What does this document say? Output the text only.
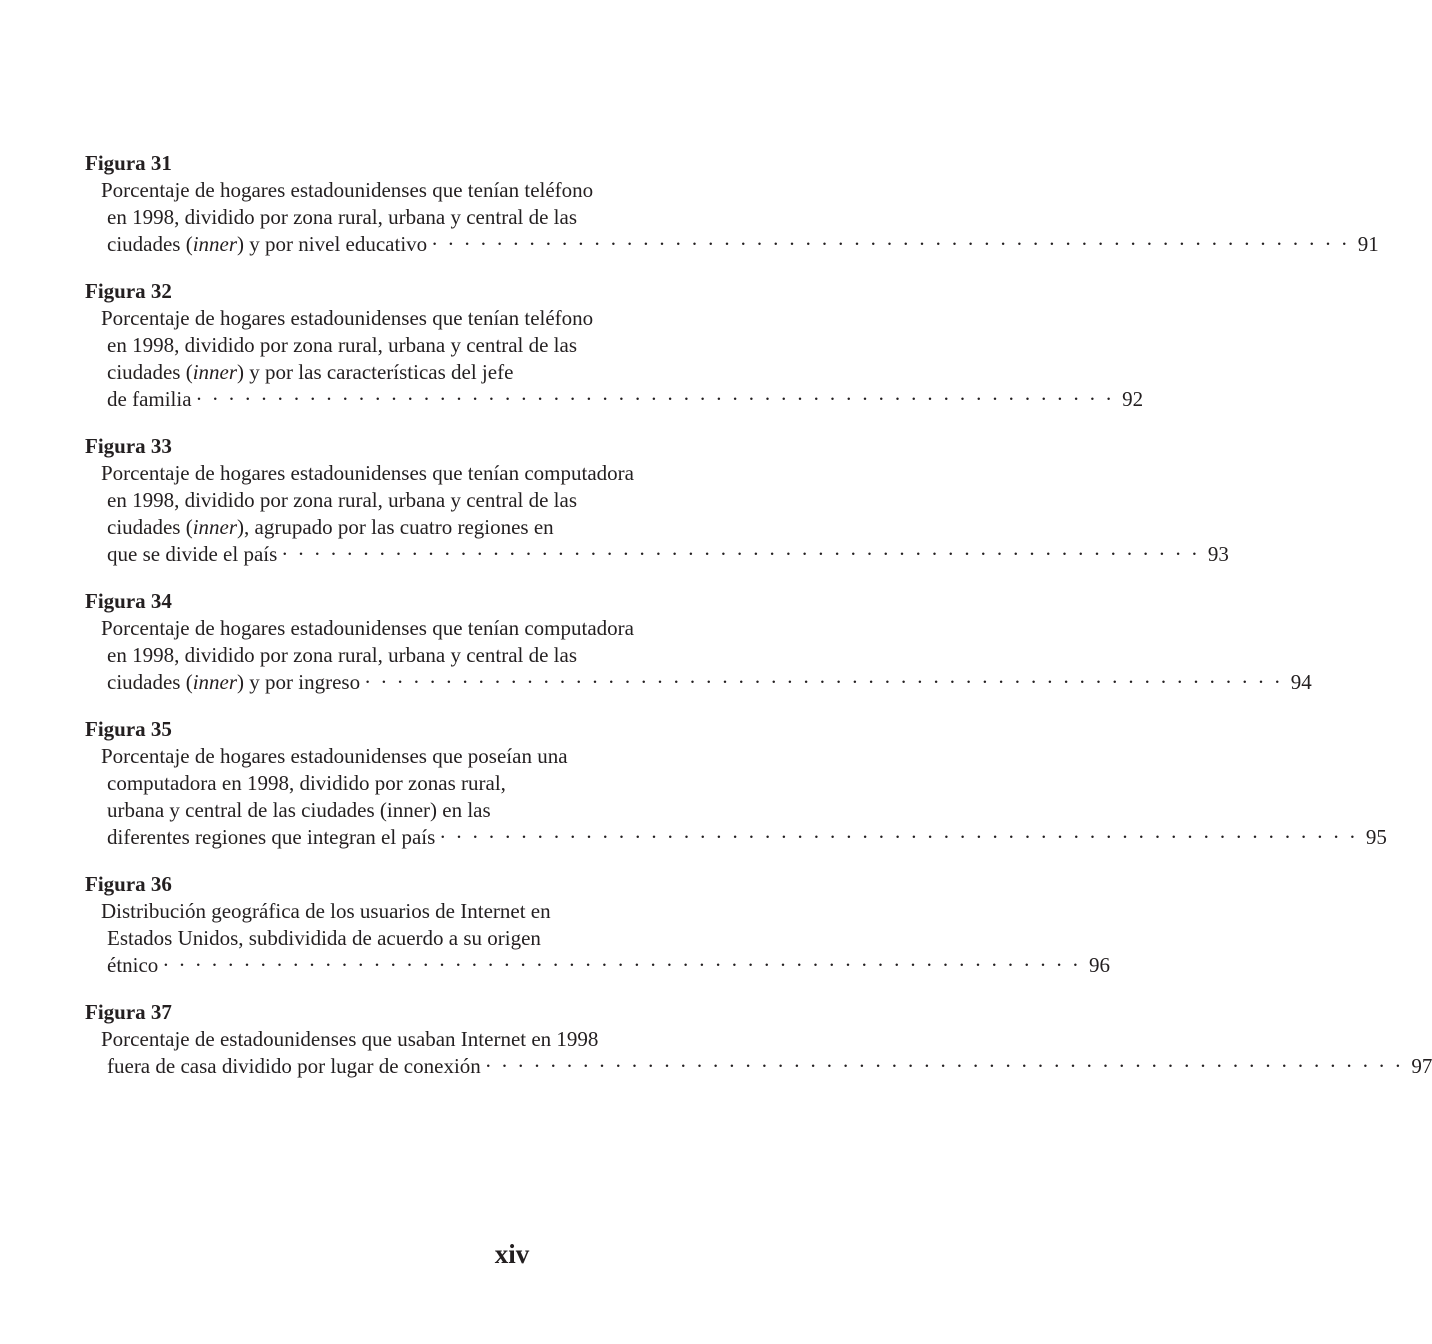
Figura 31
Porcentaje de hogares estadounidenses que tenían teléfono
en 1998, dividido por zona rural, urbana y central de las
ciudades (inner) y por nivel educativo · · · · · · · · · · · · · · · · · · · · · · · · · · · · · · · · · · · · · · · · · · · · · · · · · · · · · · · · · 91
Figura 32
Porcentaje de hogares estadounidenses que tenían teléfono
en 1998, dividido por zona rural, urbana y central de las
ciudades (inner) y por las características del jefe
de familia · · · · · · · · · · · · · · · · · · · · · · · · · · · · · · · · · · · · · · · · · · · · · · · · · · · · · · · · · 92
Figura 33
Porcentaje de hogares estadounidenses que tenían computadora
en 1998, dividido por zona rural, urbana y central de las
ciudades (inner), agrupado por las cuatro regiones en
que se divide el país · · · · · · · · · · · · · · · · · · · · · · · · · · · · · · · · · · · · · · · · · · · · · · · · · · · · · · · · · 93
Figura 34
Porcentaje de hogares estadounidenses que tenían computadora
en 1998, dividido por zona rural, urbana y central de las
ciudades (inner) y por ingreso · · · · · · · · · · · · · · · · · · · · · · · · · · · · · · · · · · · · · · · · · · · · · · · · · · · · · · · · · 94
Figura 35
Porcentaje de hogares estadounidenses que poseían una
computadora en 1998, dividido por zonas rural,
urbana y central de las ciudades (inner) en las
diferentes regiones que integran el país · · · · · · · · · · · · · · · · · · · · · · · · · · · · · · · · · · · · · · · · · · · · · · · · · · · · · · · · · 95
Figura 36
Distribución geográfica de los usuarios de Internet en
Estados Unidos, subdividida de acuerdo a su origen
étnico · · · · · · · · · · · · · · · · · · · · · · · · · · · · · · · · · · · · · · · · · · · · · · · · · · · · · · · · · 96
Figura 37
Porcentaje de estadounidenses que usaban Internet en 1998
fuera de casa dividido por lugar de conexión · · · · · · · · · · · · · · · · · · · · · · · · · · · · · · · · · · · · · · · · · · · · · · · · · · · · · · · · · 97
xiv
